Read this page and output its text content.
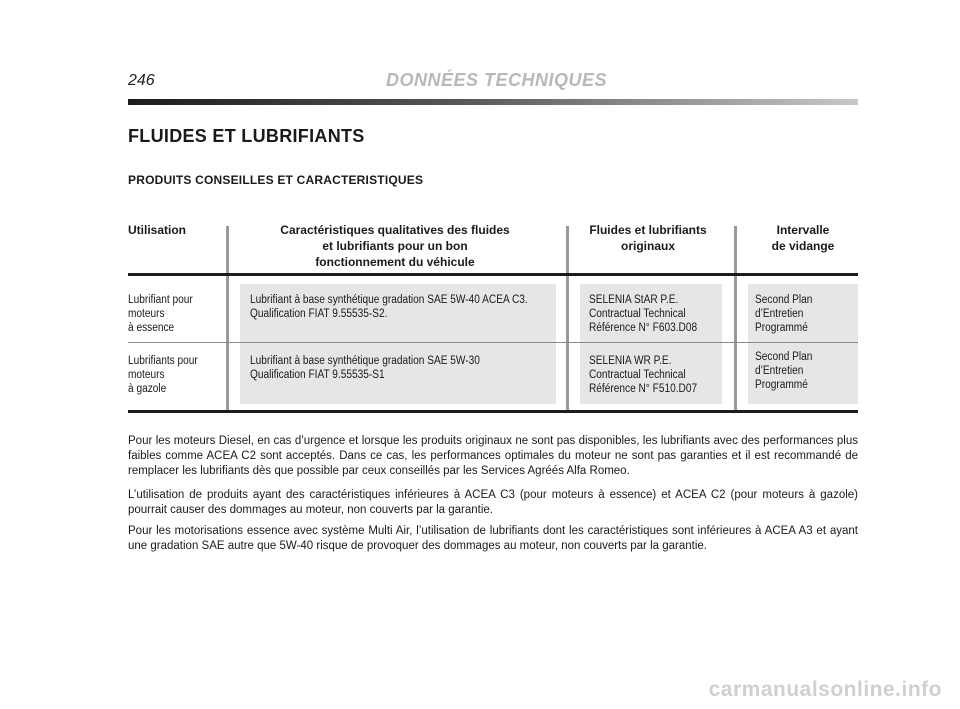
246	DONNÉES TECHNIQUES
FLUIDES ET LUBRIFIANTS
PRODUITS CONSEILLES ET CARACTERISTIQUES
Utilisation	Caractéristiques qualitatives des fluides
et lubrifiants pour un bon
fonctionnement du véhicule
Fluides et lubrifiants
originaux
Intervalle
de vidange
Lubrifiant pour
moteurs
à essence
Lubrifiant à base synthétique gradation SAE 5W-40 ACEA C3.
Qualification FIAT 9.55535-S2.
SELENIA StAR P.E.
Contractual Technical
Référence N° F603.D08
Second Plan
d’Entretien
Programmé
Lubrifiants pour
moteurs
à gazole
Lubrifiant à base synthétique gradation SAE 5W-30
Qualification FIAT 9.55535-S1
SELENIA WR P.E.
Contractual Technical
Référence N° F510.D07
Second Plan
d’Entretien
Programmé

Pour les moteurs Diesel, en cas d’urgence et lorsque les produits originaux ne sont pas disponibles, les lubrifiants avec des performances plus faibles comme ACEA C2 sont acceptés. Dans ce cas, les performances optimales du moteur ne sont pas garanties et il est recommandé de remplacer les lubrifiants dès que possible par ceux conseillés par les Services Agréés Alfa Romeo.

L’utilisation de produits ayant des caractéristiques inférieures à ACEA C3 (pour moteurs à essence) et ACEA C2 (pour moteurs à gazole) pourrait causer des dommages au moteur, non couverts par la garantie.

Pour les motorisations essence avec système Multi Air, l’utilisation de lubrifiants dont les caractéristiques sont inférieures à ACEA A3 et ayant une gradation SAE autre que 5W-40 risque de provoquer des dommages au moteur, non couverts par la garantie.

carmanualsonline.info
